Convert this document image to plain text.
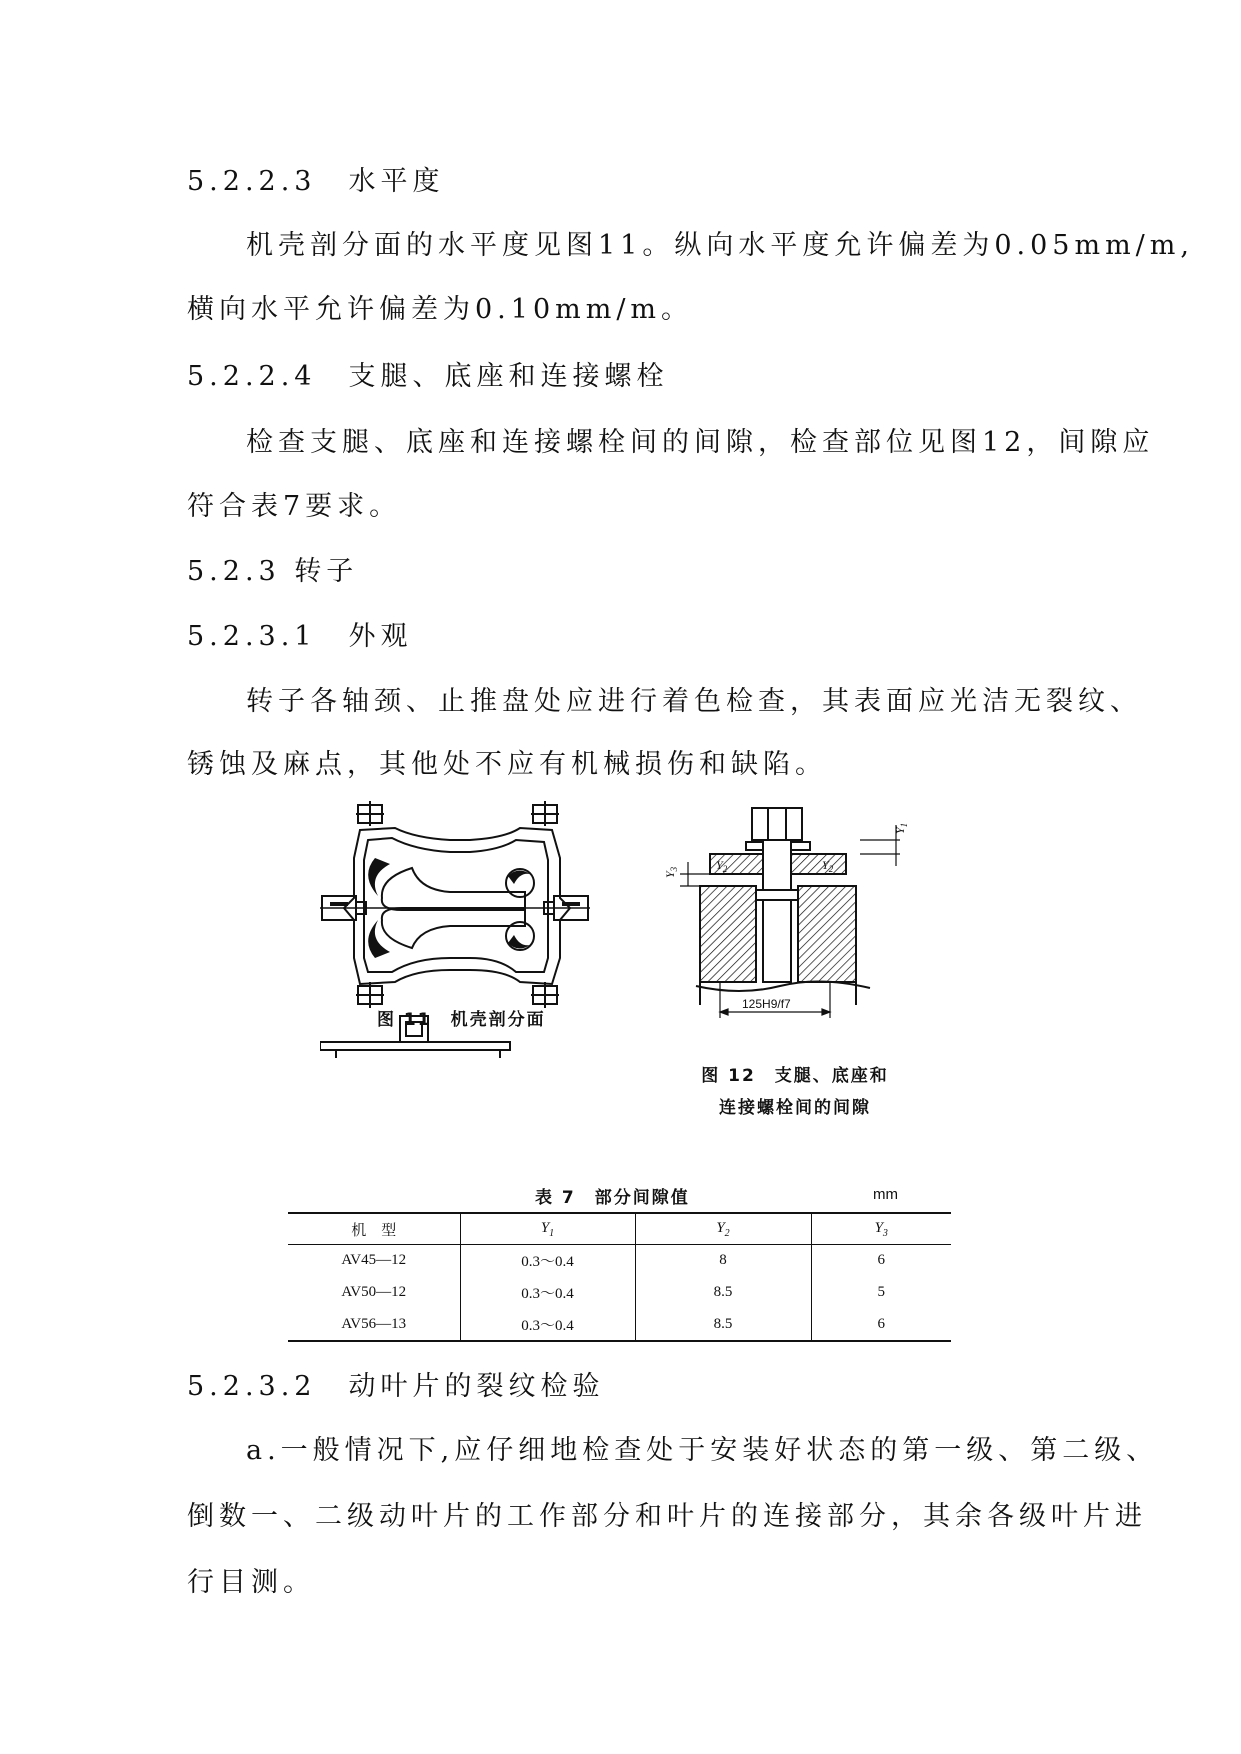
5.2.2.3　水平度
机壳剖分面的水平度见图11。纵向水平度允许偏差为0.05mm/m,
横向水平允许偏差为0.10mm/m。
5.2.2.4　支腿、底座和连接螺栓
检查支腿、底座和连接螺栓间的间隙，检查部位见图12，间隙应
符合表7要求。
5.2.3 转子
5.2.3.1　外观
转子各轴颈、止推盘处应进行着色检查，其表面应光洁无裂纹、
锈蚀及麻点，其他处不应有机械损伤和缺陷。
图 11　机壳剖分面
$Y_2$	$Y_2$
$Y_1$
$Y_3$
125H9/f7
图 12　支腿、底座和
连接螺栓间的间隙
表 7　部分间隙值	mm
机　型	$Y_1$	$Y_2$	$Y_3$
AV45—12	0.3～0.4	8	6
AV50—12	0.3～0.4	8.5	5
AV56—13	0.3～0.4	8.5	6
5.2.3.2　动叶片的裂纹检验
a.一般情况下,应仔细地检查处于安装好状态的第一级、第二级、
倒数一、二级动叶片的工作部分和叶片的连接部分，其余各级叶片进
行目测。
